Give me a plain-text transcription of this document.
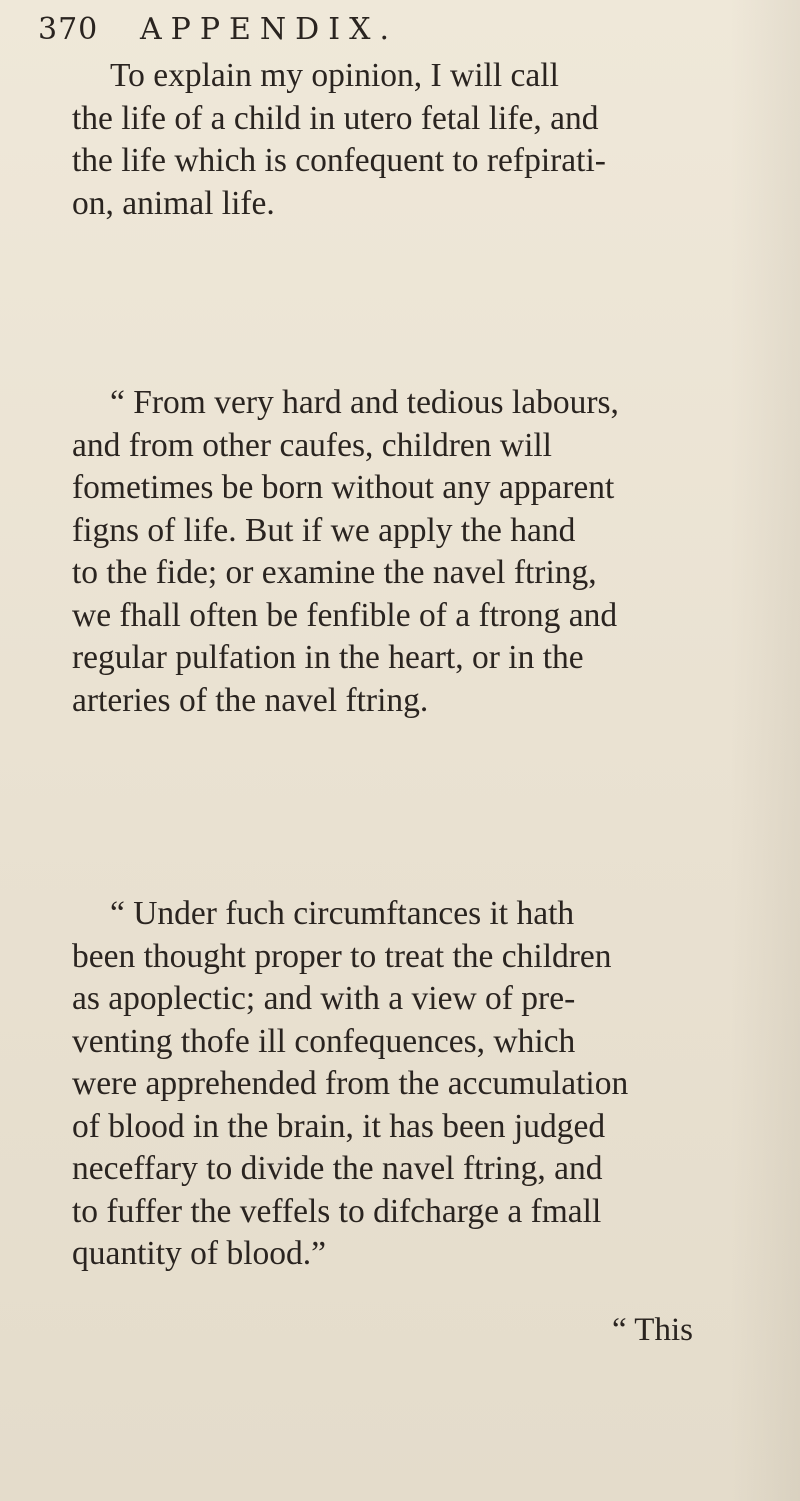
370 APPENDIX.
To explain my opinion, I will call
the life of a child in utero fetal life, and
the life which is confequent to refpirati-
on, animal life.
“ From very hard and tedious labours,
and from other caufes, children will
fometimes be born without any apparent
figns of life. But if we apply the hand
to the fide; or examine the navel ftring,
we fhall often be fenfible of a ftrong and
regular pulfation in the heart, or in the
arteries of the navel ftring.
“ Under fuch circumftances it hath
been thought proper to treat the children
as apoplectic; and with a view of pre-
venting thofe ill confequences, which
were apprehended from the accumulation
of blood in the brain, it has been judged
neceffary to divide the navel ftring, and
to fuffer the veffels to difcharge a fmall
quantity of blood.”
“ This
